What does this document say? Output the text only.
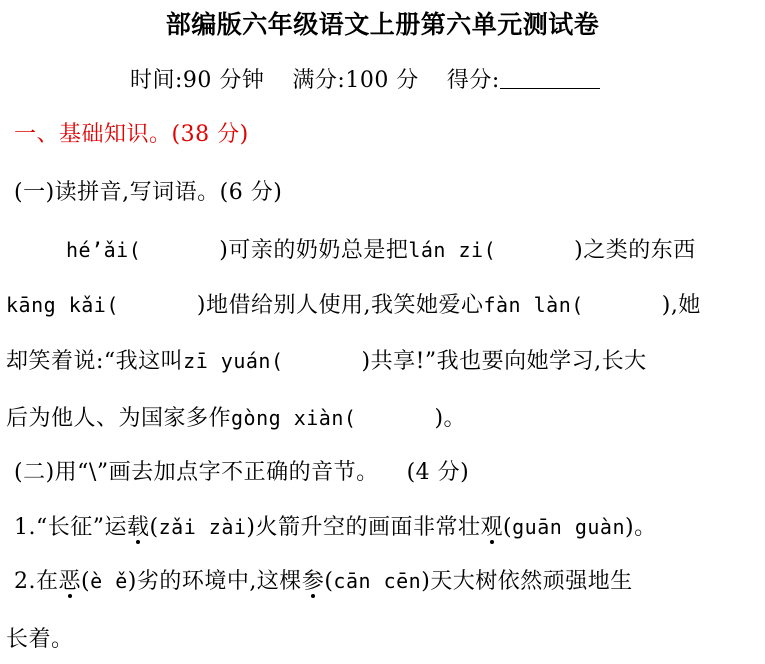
部编版六年级语文上册第六单元测试卷
时间:90 分钟 满分:100 分 得分:
一、基础知识。(38 分)
(一)读拼音,写词语。(6 分)
hé’ǎi(	)可亲的奶奶总是把lán zi(	)之类的东西
kāng kǎi(	)地借给别人使用,我笑她爱心fàn làn(	),她
却笑着说:“我这叫zī yuán(	)共享!”我也要向她学习,长大
后为他人、为国家多作gòng xiàn(	)。
(二)用“\”画去加点字不正确的音节。 (4 分)
1.“长征”运载(zǎi zài)火箭升空的画面非常壮观(guān guàn)。
2.在恶(è ě)劣的环境中,这棵参(cān cēn)天大树依然顽强地生
长着。
